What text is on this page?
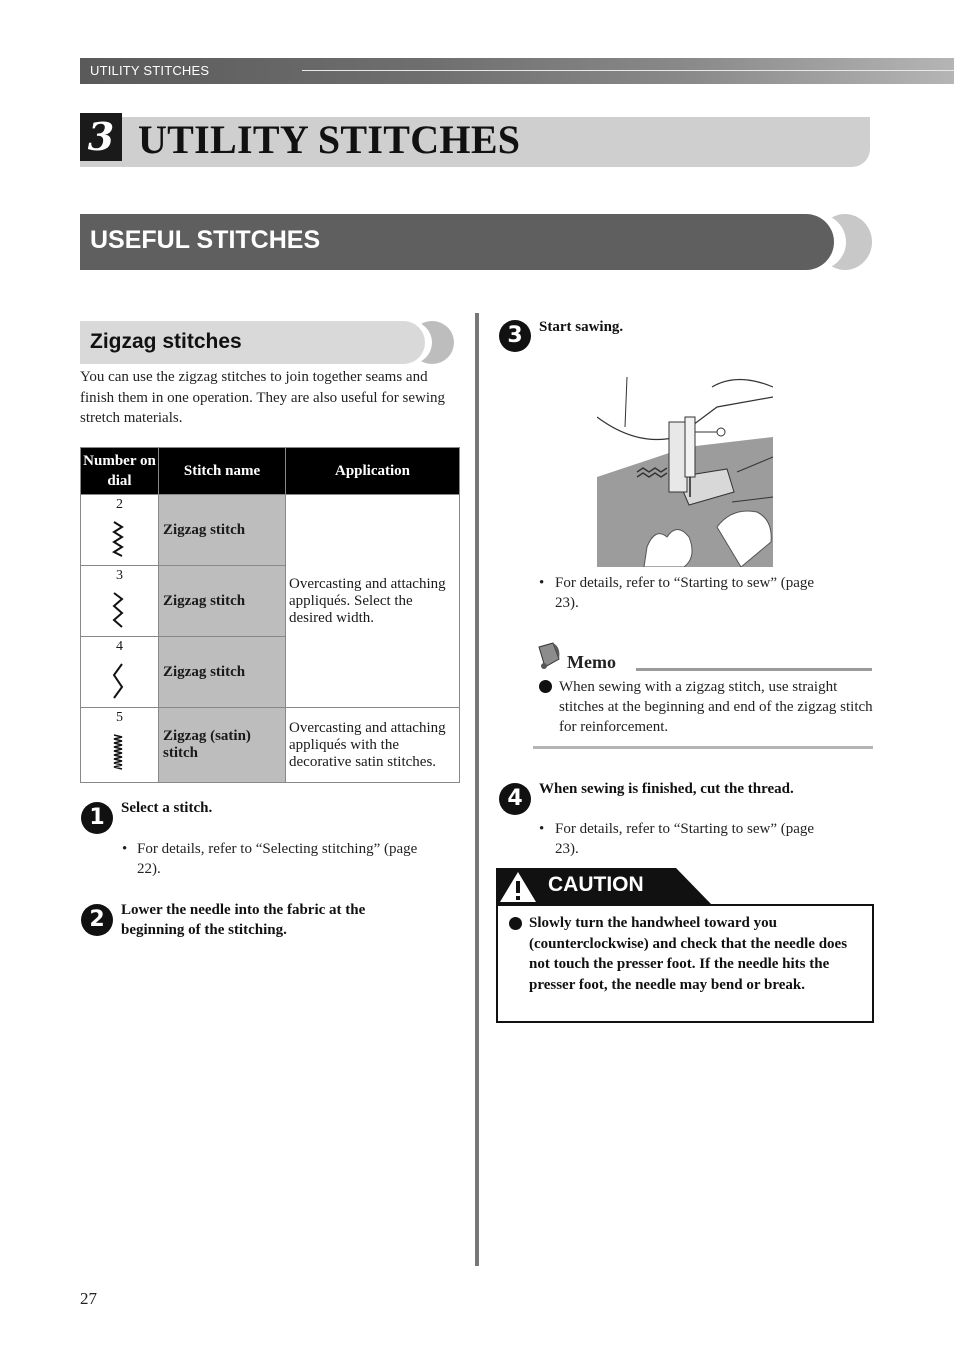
UTILITY STITCHES
3 UTILITY STITCHES
USEFUL STITCHES
Zigzag stitches
You can use the zigzag stitches to join together seams and finish them in one operation. They are also useful for sewing stretch materials.
Number on dial	Stitch name	Application

2	Zigzag stitch	Overcasting and attaching appliqués. Select the desired width.

3	Zigzag stitch	

4	Zigzag stitch	

5	Zigzag (satin) stitch	Overcasting and attaching appliqués with the decorative satin stitches.
1	Select a stitch.
• For details, refer to “Selecting stitching” (page 22).
2	Lower the needle into the fabric at the beginning of the stitching.
3	Start sawing.
• For details, refer to “Starting to sew” (page 23).
Memo
When sewing with a zigzag stitch, use straight stitches at the beginning and end of the zigzag stitch for reinforcement.
4	When sewing is finished, cut the thread.
• For details, refer to “Starting to sew” (page 23).
CAUTION
Slowly turn the handwheel toward you (counterclockwise) and check that the needle does not touch the presser foot. If the needle hits the presser foot, the needle may bend or break.
27
